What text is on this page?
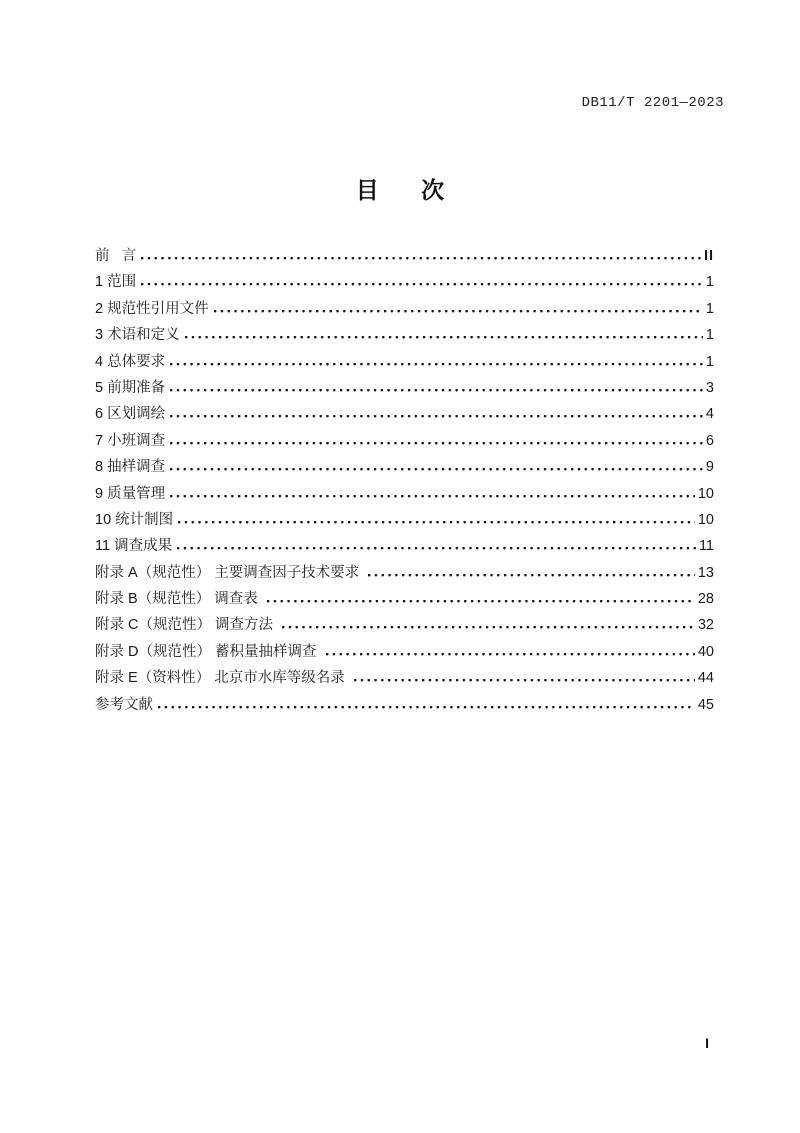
DB11/T 2201—2023
目 次
前   言	II
1 范围	1
2 规范性引用文件	1
3 术语和定义	1
4 总体要求	1
5 前期准备	3
6 区划调绘	4
7 小班调查	6
8 抽样调查	9
9 质量管理	10
10 统计制图	10
11 调查成果	11
附录 A（规范性） 主要调查因子技术要求	13
附录 B（规范性） 调查表	28
附录 C（规范性） 调查方法	32
附录 D（规范性） 蓄积量抽样调查	40
附录 E（资料性） 北京市水库等级名录	44
参考文献	45
I
